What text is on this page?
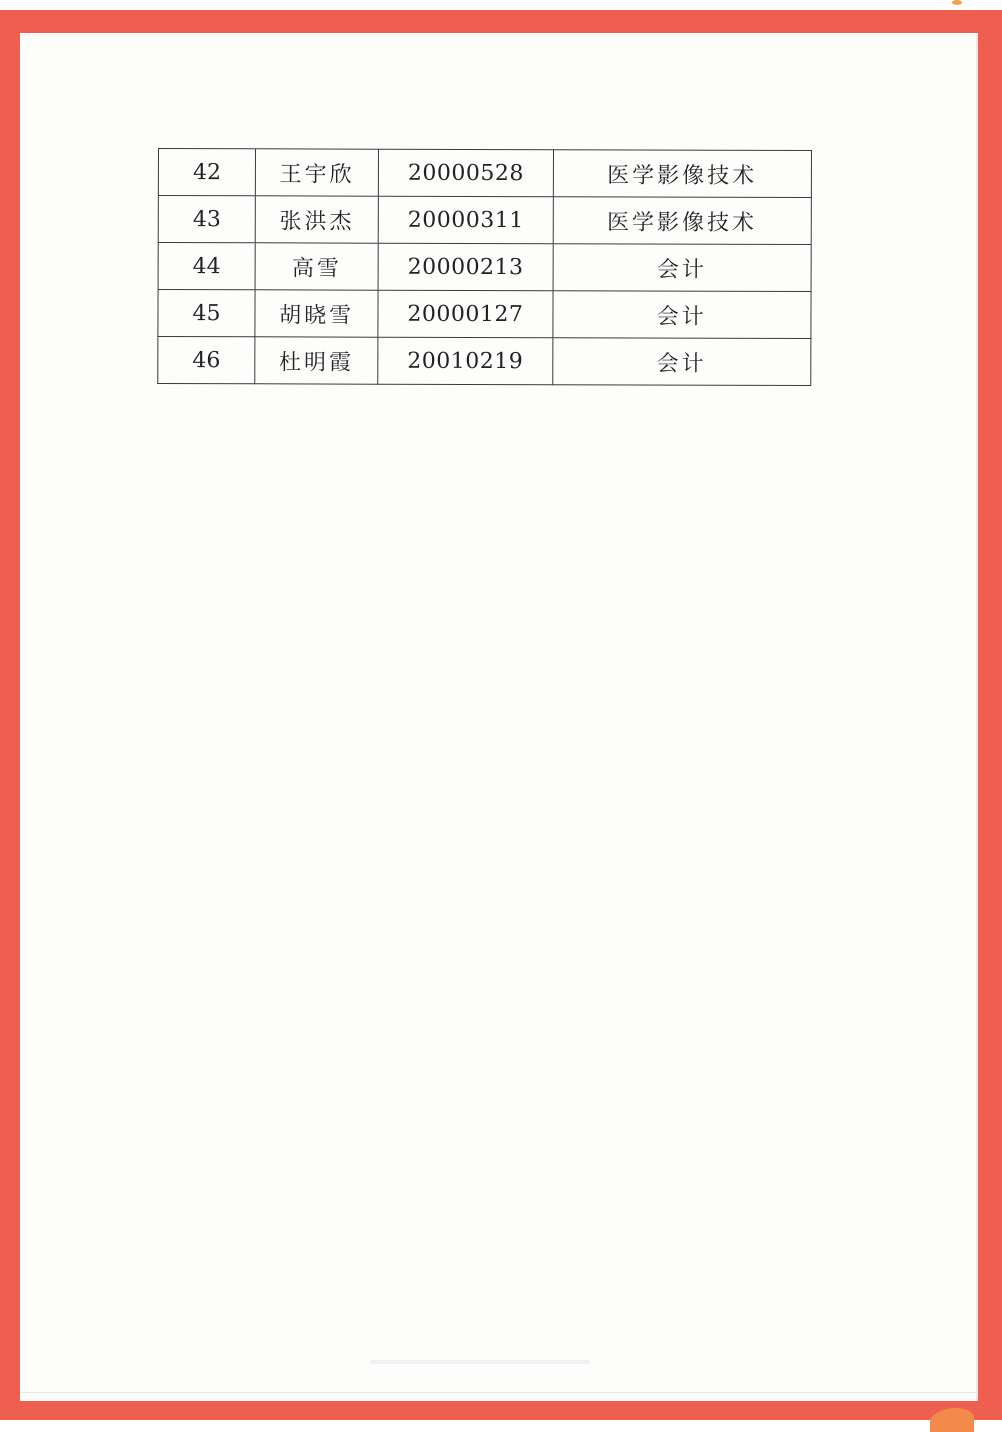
42	王宇欣	20000528	医学影像技术
43	张洪杰	20000311	医学影像技术
44	高雪	20000213	会计
45	胡晓雪	20000127	会计
46	杜明霞	20010219	会计
